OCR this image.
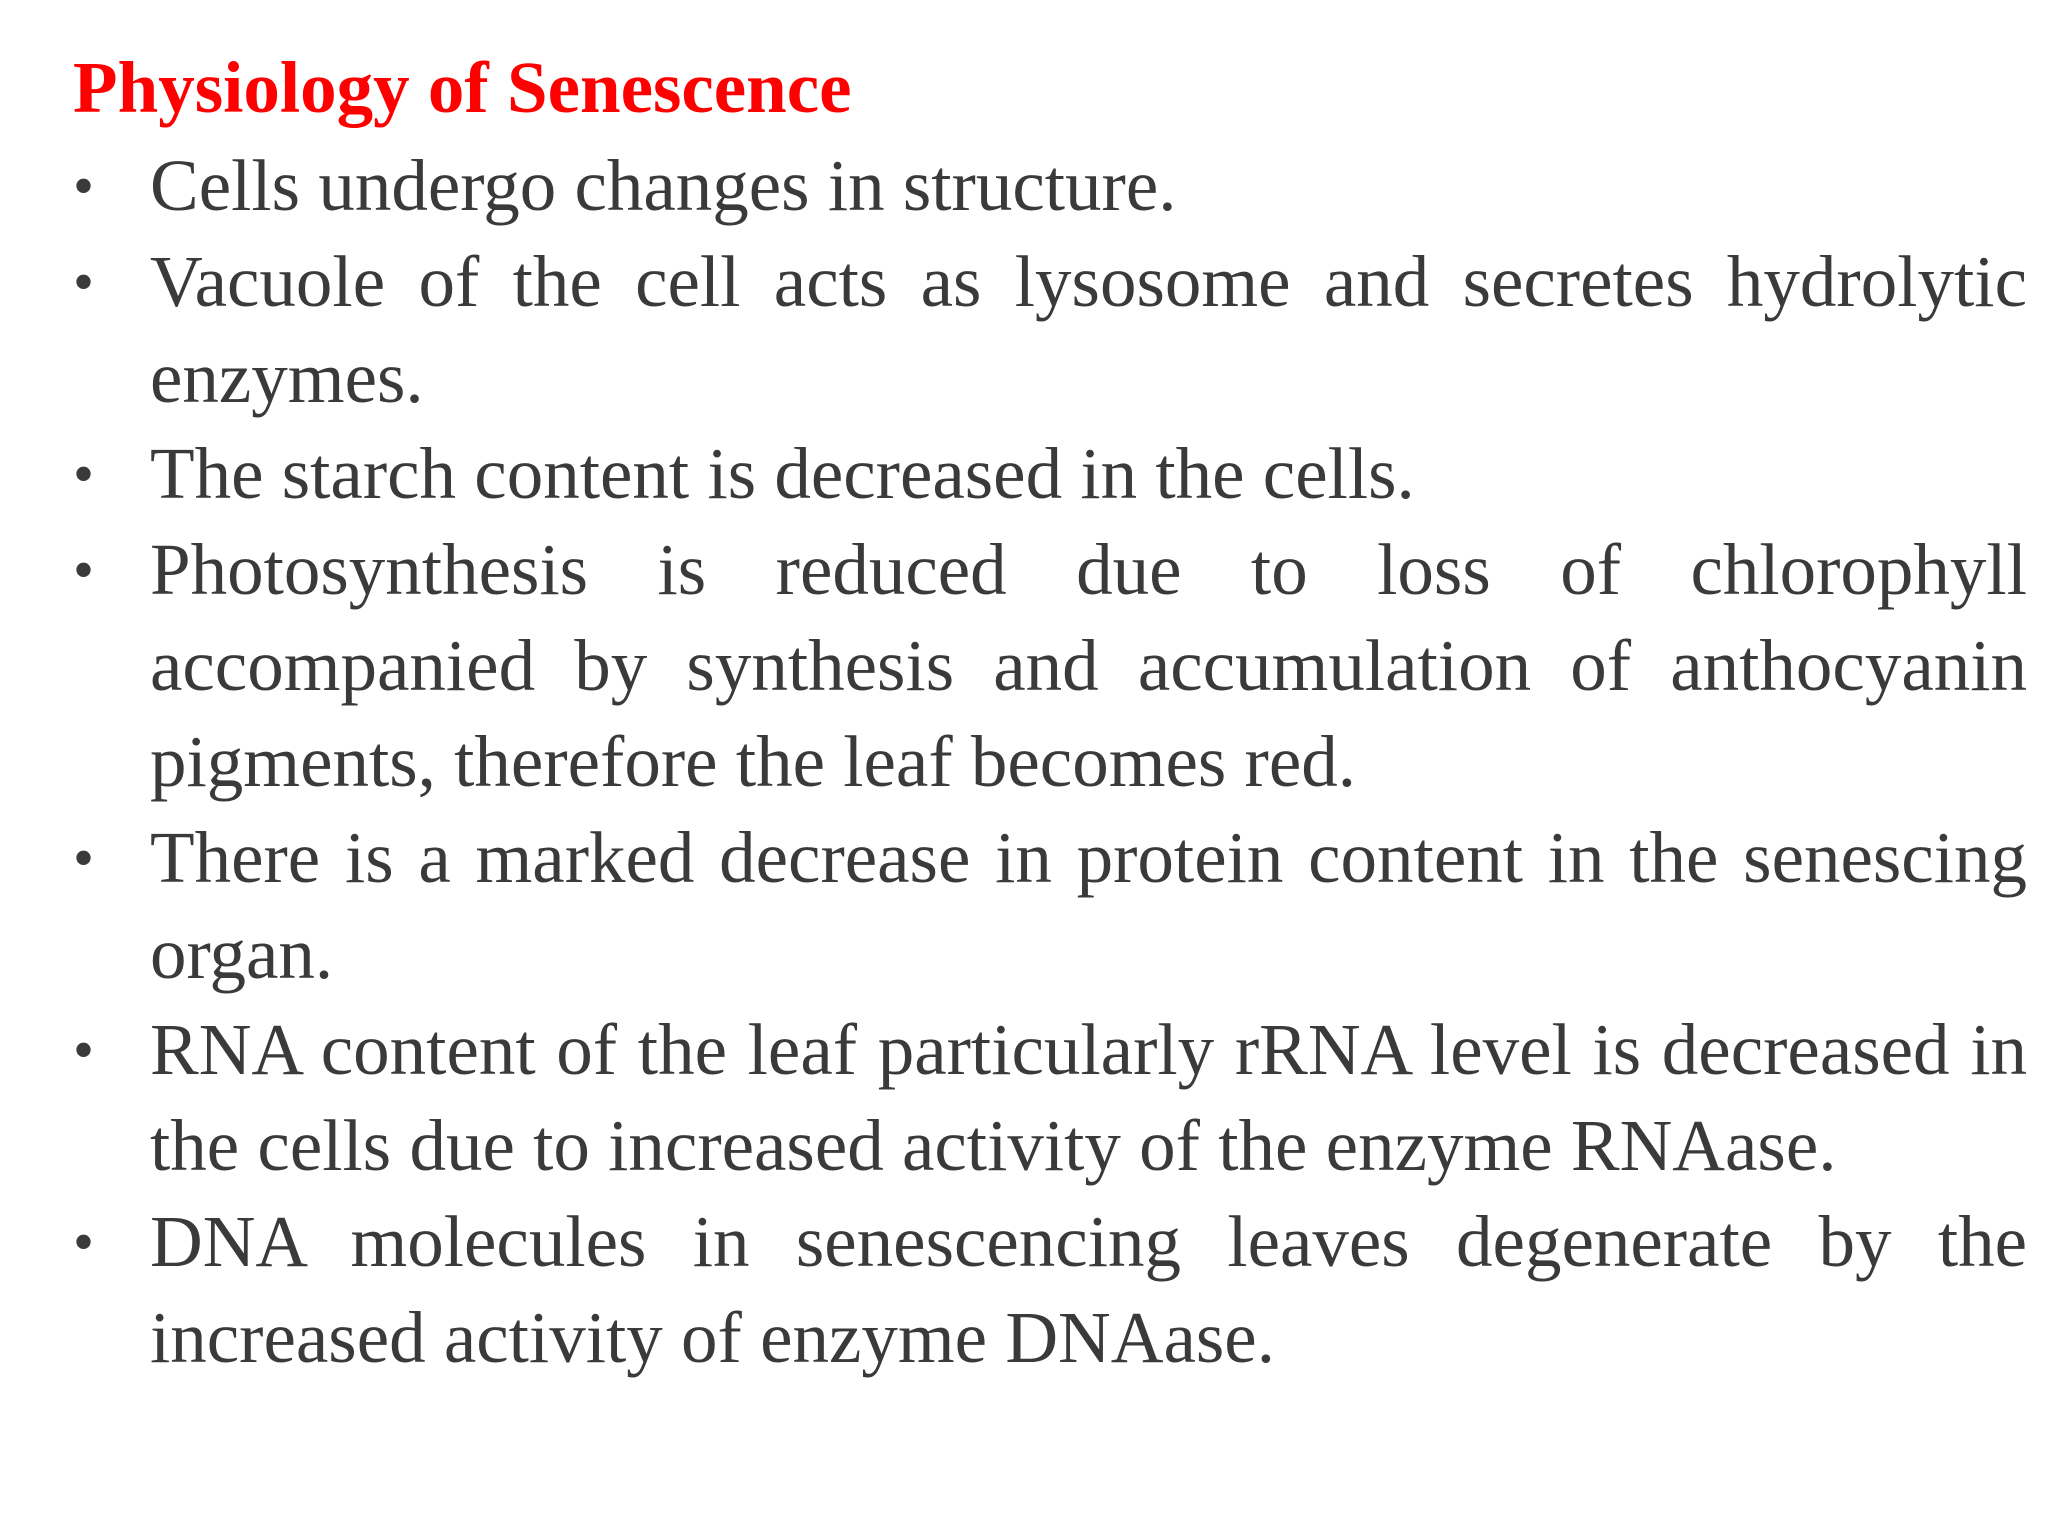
Physiology of Senescence
• Cells undergo changes in structure.
• Vacuole of the cell acts as lysosome and secretes hydrolytic enzymes.
• The starch content is decreased in the cells.
• Photosynthesis is reduced due to loss of chlorophyll accompanied by synthesis and accumulation of anthocyanin pigments, therefore the leaf becomes red.
• There is a marked decrease in protein content in the senescing organ.
• RNA content of the leaf particularly rRNA level is decreased in the cells due to increased activity of the enzyme RNAase.
• DNA molecules in senescencing leaves degenerate by the increased activity of enzyme DNAase.
